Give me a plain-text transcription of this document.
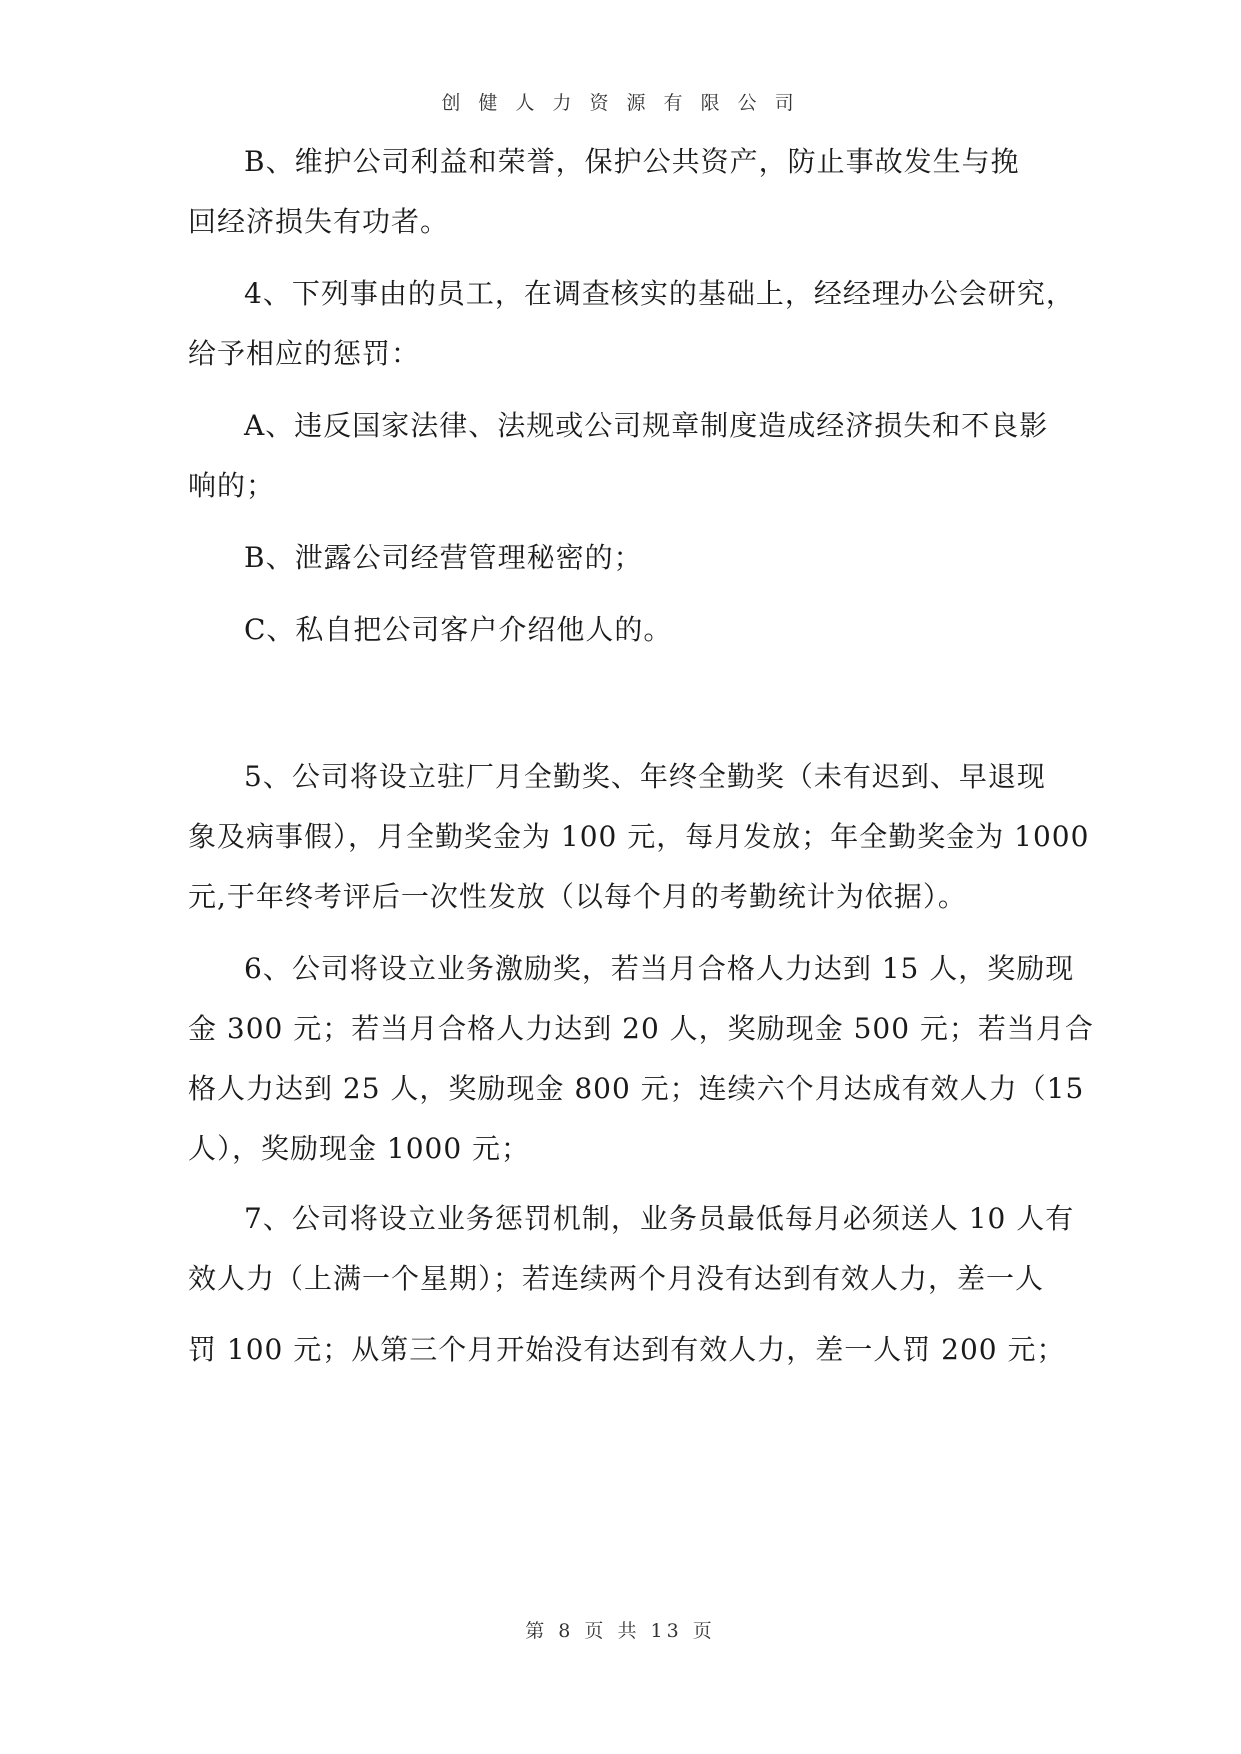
创 健 人 力 资 源 有 限 公 司
B、维护公司利益和荣誉，保护公共资产，防止事故发生与挽
回经济损失有功者。
4、下列事由的员工，在调查核实的基础上，经经理办公会研究，
给予相应的惩罚：
A、违反国家法律、法规或公司规章制度造成经济损失和不良影
响的；
B、泄露公司经营管理秘密的；
C、私自把公司客户介绍他人的。
5、公司将设立驻厂月全勤奖、年终全勤奖（未有迟到、早退现
象及病事假），月全勤奖金为 100 元，每月发放；年全勤奖金为 1000
元,于年终考评后一次性发放（以每个月的考勤统计为依据）。
6、公司将设立业务激励奖，若当月合格人力达到 15 人，奖励现
金 300 元；若当月合格人力达到 20 人，奖励现金 500 元；若当月合
格人力达到 25 人，奖励现金 800 元；连续六个月达成有效人力（15
人），奖励现金 1000 元；
7、公司将设立业务惩罚机制，业务员最低每月必须送人 10 人有
效人力（上满一个星期）；若连续两个月没有达到有效人力，差一人
罚 100 元；从第三个月开始没有达到有效人力，差一人罚 200 元；
第 8 页 共 13 页
